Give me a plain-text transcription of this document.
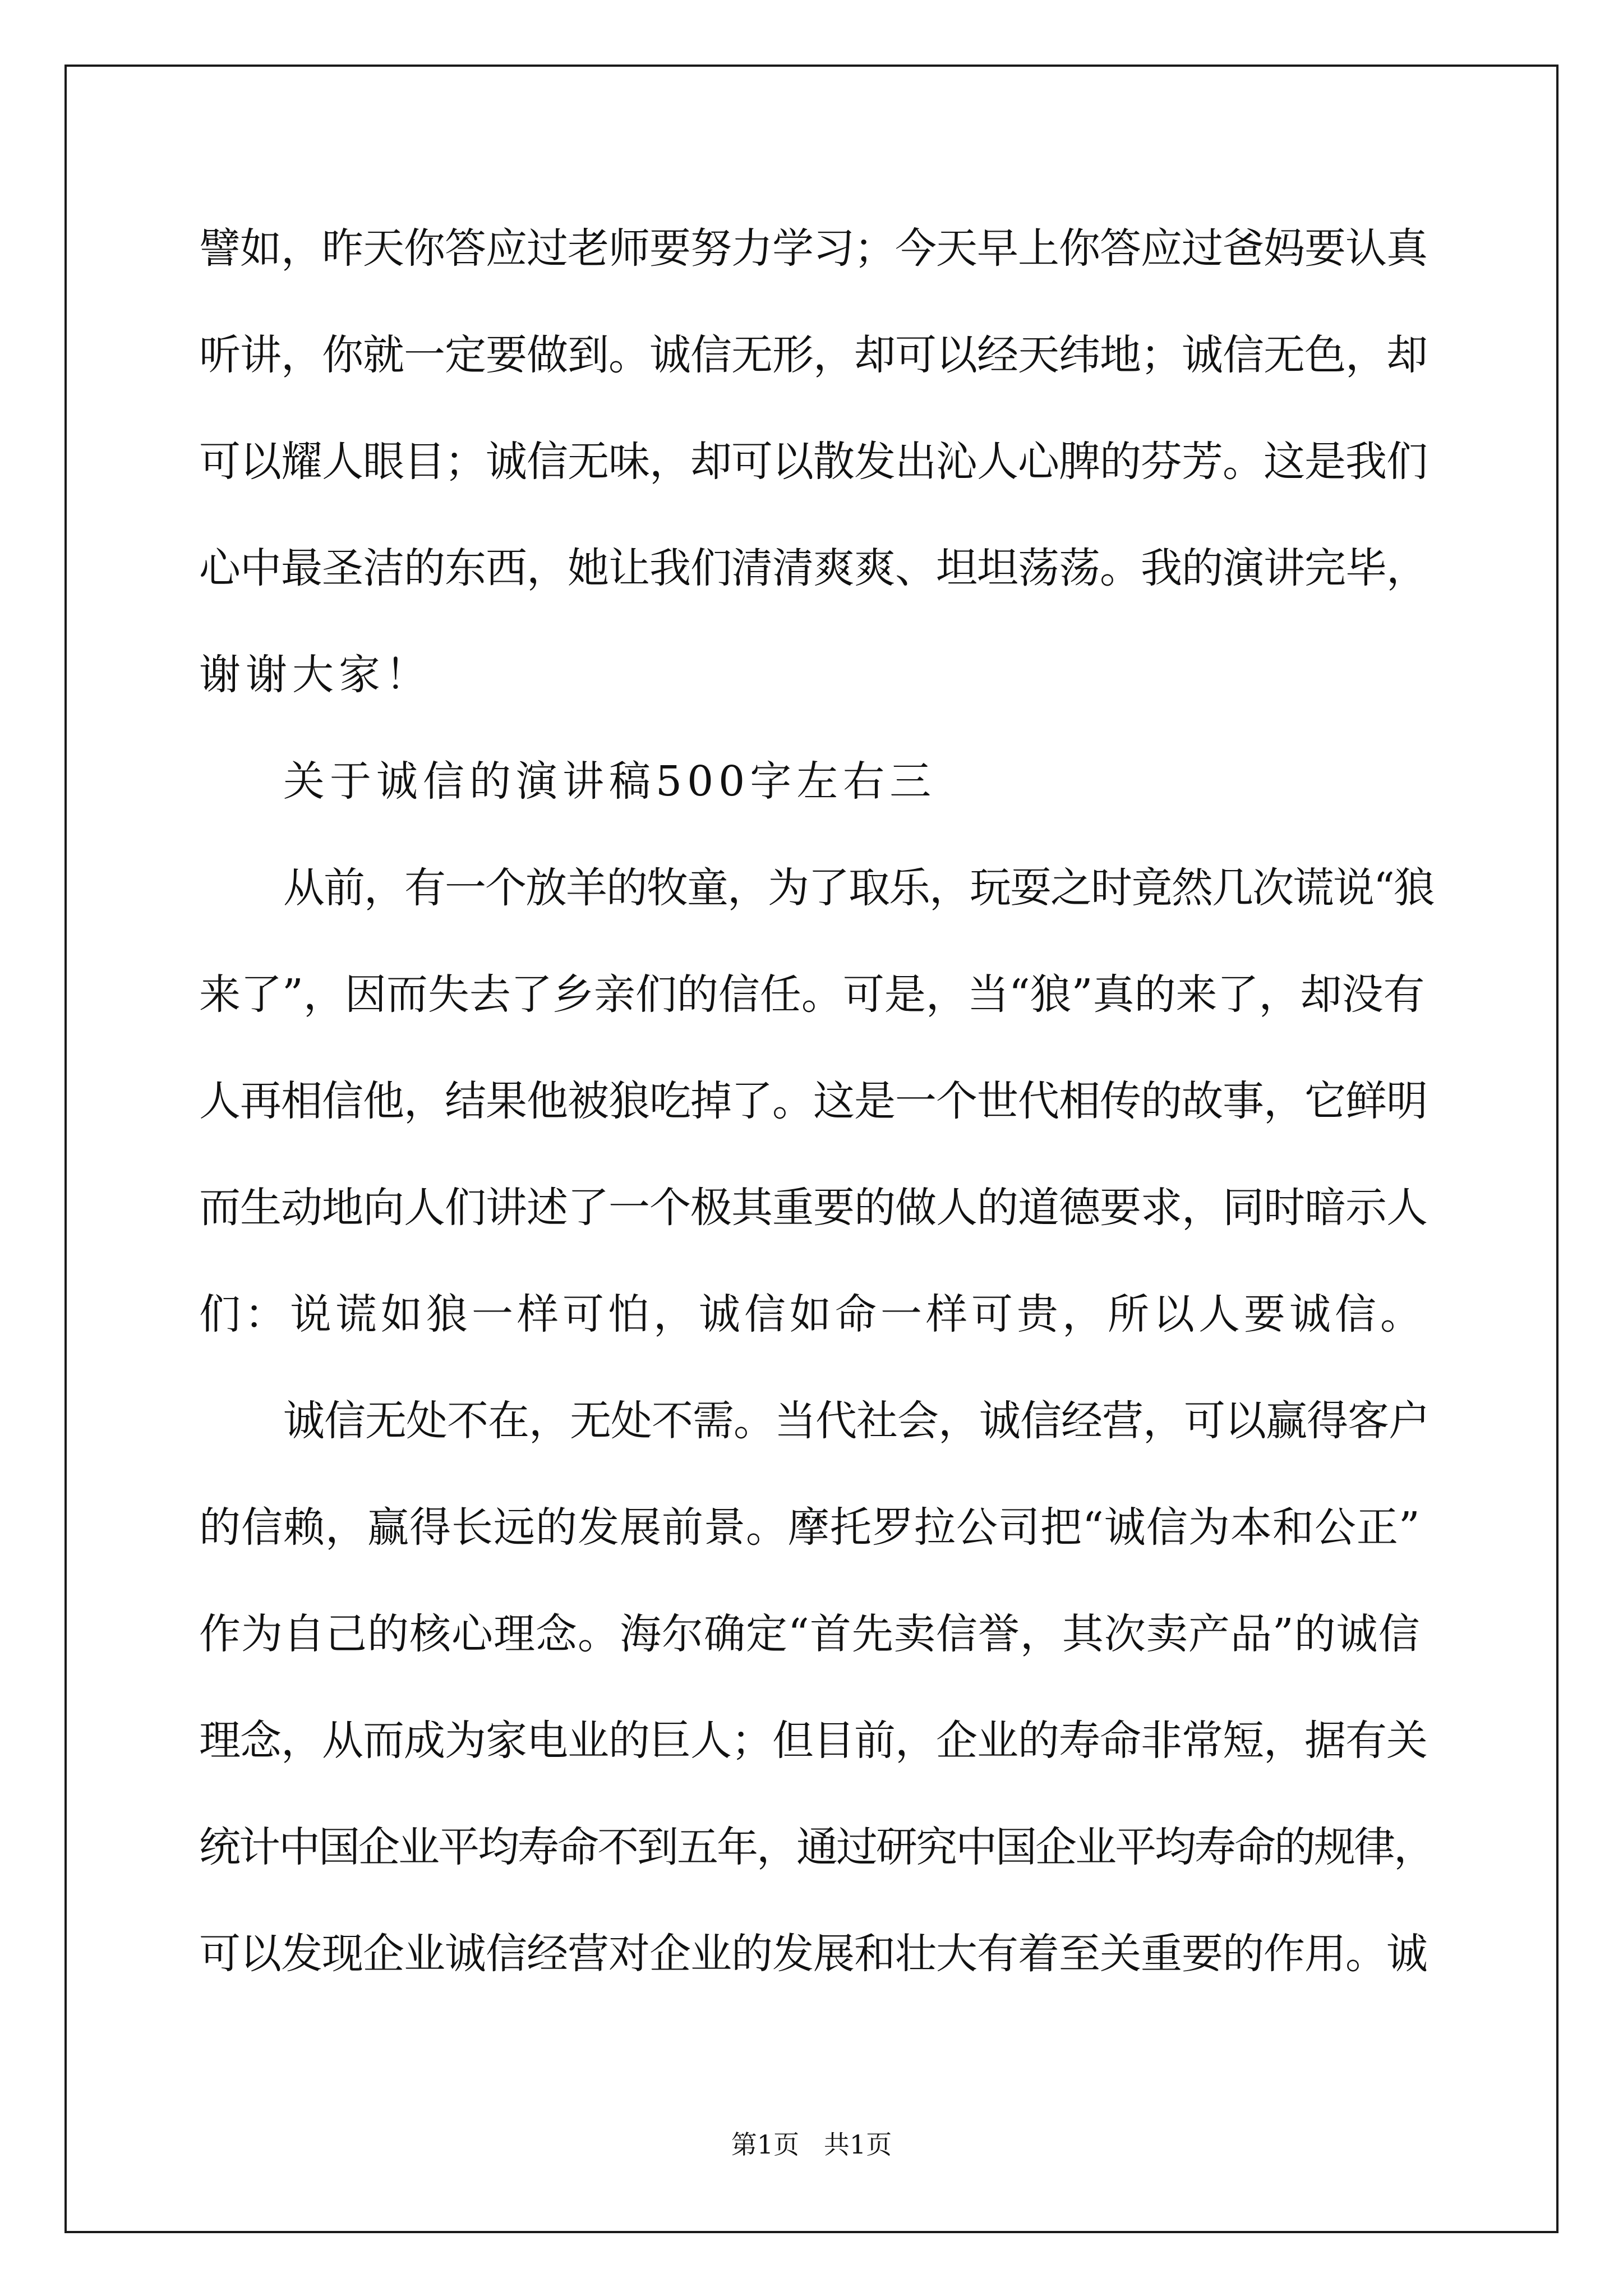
譬如，昨天你答应过老师要努力学习；今天早上你答应过爸妈要认真
听讲，你就一定要做到。诚信无形，却可以经天纬地；诚信无色，却
可以耀人眼目；诚信无味，却可以散发出沁人心脾的芬芳。这是我们
心中最圣洁的东西，她让我们清清爽爽、坦坦荡荡。我的演讲完毕，
谢谢大家！
关于诚信的演讲稿500字左右三
从前，有一个放羊的牧童，为了取乐，玩耍之时竟然几次谎说“狼
来了”，因而失去了乡亲们的信任。可是，当“狼”真的来了，却没有
人再相信他，结果他被狼吃掉了。这是一个世代相传的故事，它鲜明
而生动地向人们讲述了一个极其重要的做人的道德要求，同时暗示人
们：说谎如狼一样可怕，诚信如命一样可贵，所以人要诚信。
诚信无处不在，无处不需。当代社会，诚信经营，可以赢得客户
的信赖，赢得长远的发展前景。摩托罗拉公司把“诚信为本和公正”
作为自己的核心理念。海尔确定“首先卖信誉，其次卖产品”的诚信
理念，从而成为家电业的巨人；但目前，企业的寿命非常短，据有关
统计中国企业平均寿命不到五年，通过研究中国企业平均寿命的规律，
可以发现企业诚信经营对企业的发展和壮大有着至关重要的作用。诚
第1页   共1页
